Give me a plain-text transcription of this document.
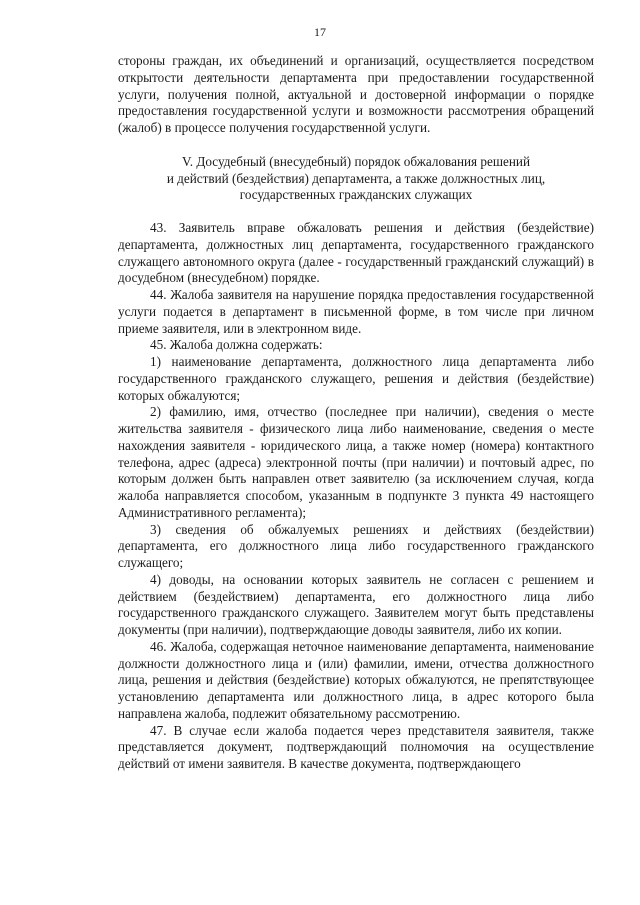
17

стороны граждан, их объединений и организаций, осуществляется посредством открытости деятельности департамента при предоставлении государственной услуги, получения полной, актуальной и достоверной информации о порядке предоставления государственной услуги и возможности рассмотрения обращений (жалоб) в процессе получения государственной услуги.

V. Досудебный (внесудебный) порядок обжалования решений
и действий (бездействия) департамента, а также должностных лиц,
государственных гражданских служащих

43. Заявитель вправе обжаловать решения и действия (бездействие) департамента, должностных лиц департамента, государственного гражданского служащего автономного округа (далее - государственный гражданский служащий) в досудебном (внесудебном) порядке.

44. Жалоба заявителя на нарушение порядка предоставления государственной услуги подается в департамент в письменной форме, в том числе при личном приеме заявителя, или в электронном виде.

45. Жалоба должна содержать:

1) наименование департамента, должностного лица департамента либо государственного гражданского служащего, решения и действия (бездействие) которых обжалуются;

2) фамилию, имя, отчество (последнее при наличии), сведения о месте жительства заявителя - физического лица либо наименование, сведения о месте нахождения заявителя - юридического лица, а также номер (номера) контактного телефона, адрес (адреса) электронной почты (при наличии) и почтовый адрес, по которым должен быть направлен ответ заявителю (за исключением случая, когда жалоба направляется способом, указанным в подпункте 3 пункта 49 настоящего Административного регламента);

3) сведения об обжалуемых решениях и действиях (бездействии) департамента, его должностного лица либо государственного гражданского служащего;

4) доводы, на основании которых заявитель не согласен с решением и действием (бездействием) департамента, его должностного лица либо государственного гражданского служащего. Заявителем могут быть представлены документы (при наличии), подтверждающие доводы заявителя, либо их копии.

46. Жалоба, содержащая неточное наименование департамента, наименование должности должностного лица и (или) фамилии, имени, отчества должностного лица, решения и действия (бездействие) которых обжалуются, не препятствующее установлению департамента или должностного лица, в адрес которого была направлена жалоба, подлежит обязательному рассмотрению.

47. В случае если жалоба подается через представителя заявителя, также представляется документ, подтверждающий полномочия на осуществление действий от имени заявителя. В качестве документа, подтверждающего
